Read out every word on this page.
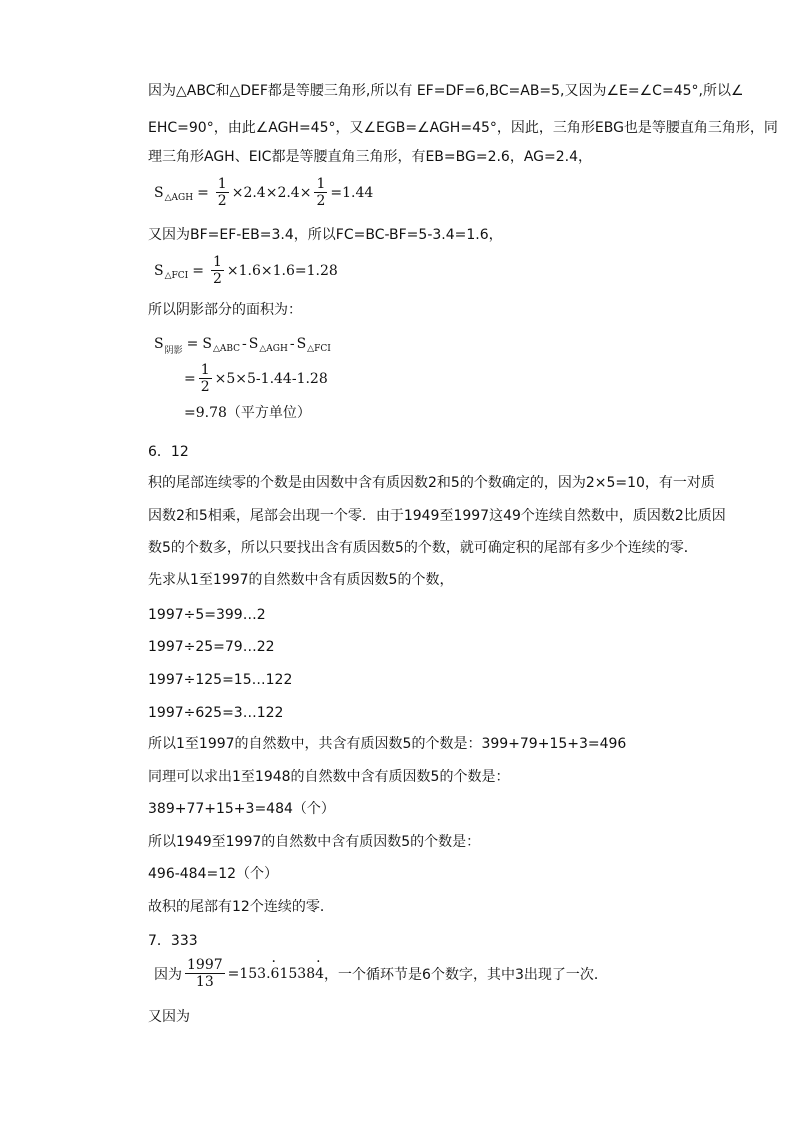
因为△ABC和△DEF都是等腰三角形,所以有 EF=DF=6,BC=AB=5,又因为∠E=∠C=45°,所以∠
EHC=90°，由此∠AGH=45°，又∠EGB=∠AGH=45°，因此，三角形EBG也是等腰直角三角形，同
理三角形AGH、EIC都是等腰直角三角形，有EB=BG=2.6，AG=2.4，
S △AGH = $\frac{1}{2} \times 2.4\times 2.4\times \frac{1}{2} =1.44$
又因为BF=EF-EB=3.4，所以FC=BC-BF=5-3.4=1.6，
S △FCI = $\frac{1}{2} \times 1.6\times 1.6=1.28$
所以阴影部分的面积为：
S 阴影 = S △ABC - S △AGH - S △FCI
= $\frac{1}{2} \times 5\times 5-1.44-1.28$
=9.78（平方单位）
6．12
积的尾部连续零的个数是由因数中含有质因数2和5的个数确定的，因为2×5=10，有一对质
因数2和5相乘，尾部会出现一个零．由于1949至1997这49个连续自然数中，质因数2比质因
数5的个数多，所以只要找出含有质因数5的个数，就可确定积的尾部有多少个连续的零．
先求从1至1997的自然数中含有质因数5的个数，
1997÷5=399…2
1997÷25=79…22
1997÷125=15…122
1997÷625=3…122
所以1至1997的自然数中，共含有质因数5的个数是：399+79+15+3=496
同理可以求出1至1948的自然数中含有质因数5的个数是：
389+77+15+3=484（个）
所以1949至1997的自然数中含有质因数5的个数是：
496-484=12（个）
故积的尾部有12个连续的零．
7．333
因为 $\frac{1997}{13} =153$. · 6 1538 · 4 ，一个循环节是6个数字，其中3出现了一次．
又因为
